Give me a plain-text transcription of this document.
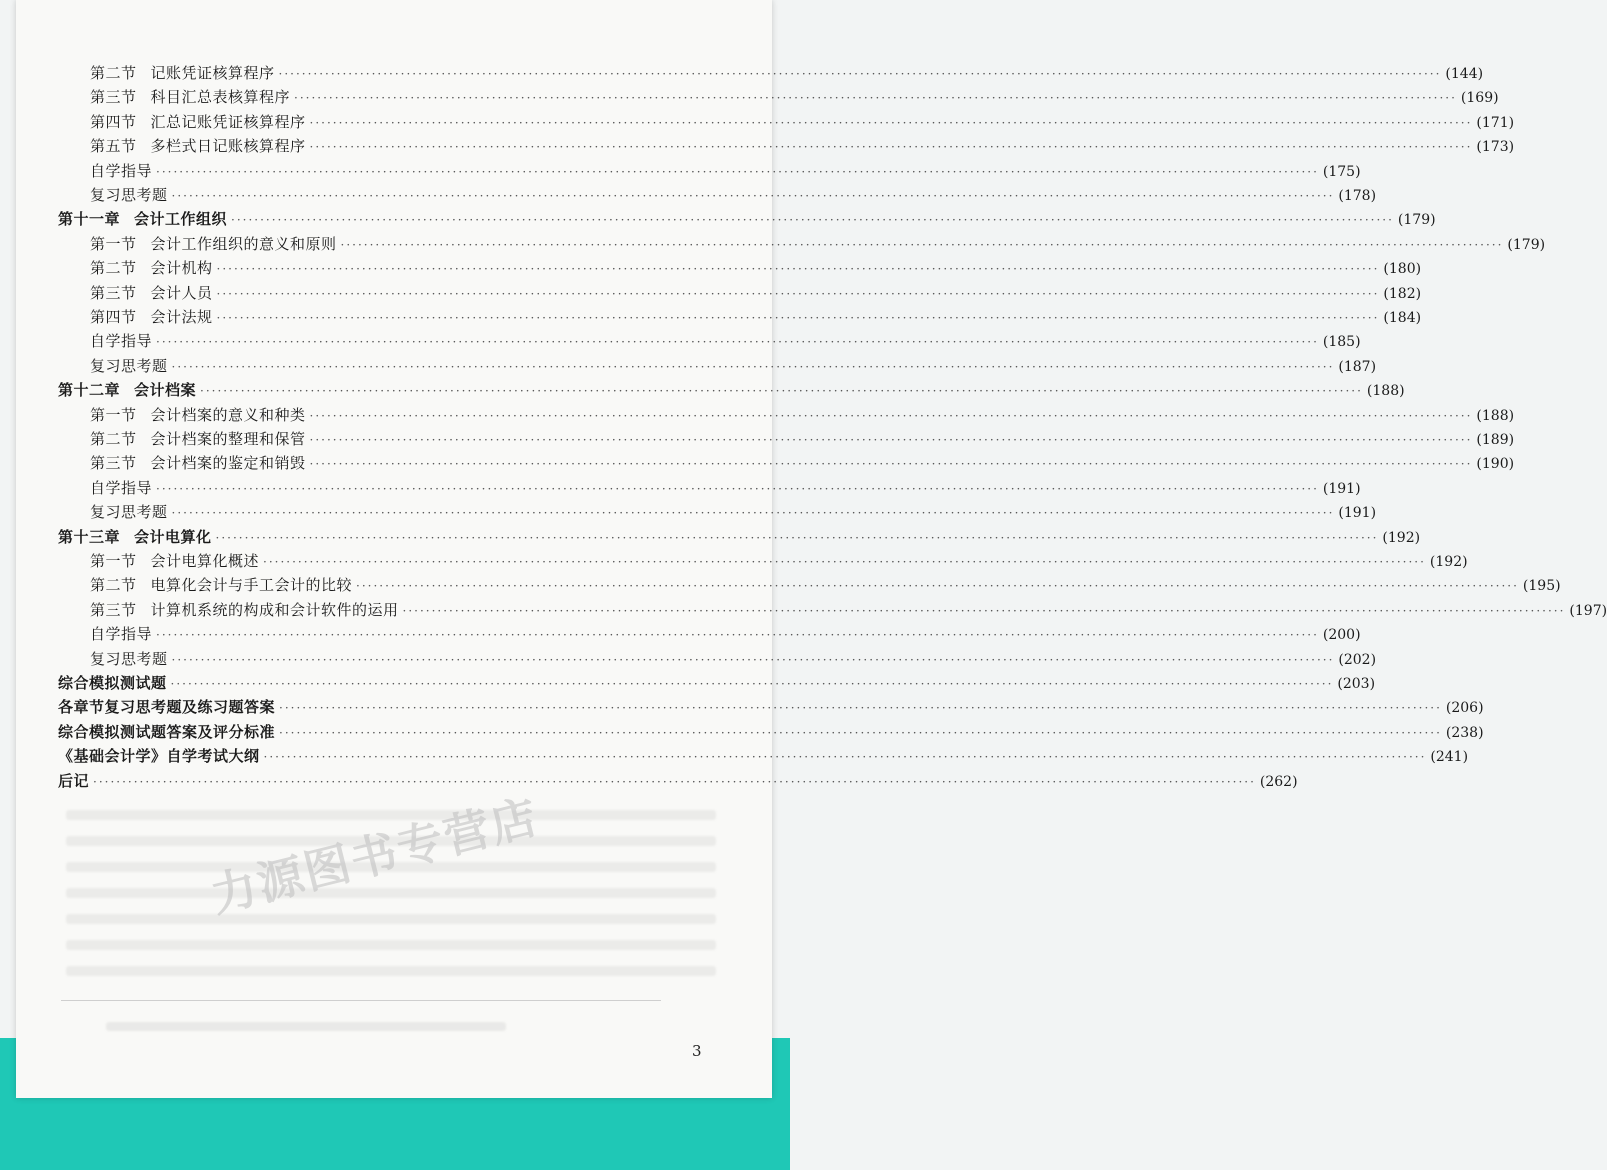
第二节 记账凭证核算程序 ········································································································································································································ (144)
第三节 科目汇总表核算程序 ········································································································································································································ (169)
第四节 汇总记账凭证核算程序 ········································································································································································································ (171)
第五节 多栏式日记账核算程序 ········································································································································································································ (173)
自学指导 ········································································································································································································ (175)
复习思考题 ········································································································································································································ (178)
第十一章 会计工作组织 ········································································································································································································ (179)
第一节 会计工作组织的意义和原则 ········································································································································································································ (179)
第二节 会计机构 ········································································································································································································ (180)
第三节 会计人员 ········································································································································································································ (182)
第四节 会计法规 ········································································································································································································ (184)
自学指导 ········································································································································································································ (185)
复习思考题 ········································································································································································································ (187)
第十二章 会计档案 ········································································································································································································ (188)
第一节 会计档案的意义和种类 ········································································································································································································ (188)
第二节 会计档案的整理和保管 ········································································································································································································ (189)
第三节 会计档案的鉴定和销毁 ········································································································································································································ (190)
自学指导 ········································································································································································································ (191)
复习思考题 ········································································································································································································ (191)
第十三章 会计电算化 ········································································································································································································ (192)
第一节 会计电算化概述 ········································································································································································································ (192)
第二节 电算化会计与手工会计的比较 ········································································································································································································ (195)
第三节 计算机系统的构成和会计软件的运用 ········································································································································································································ (197)
自学指导 ········································································································································································································ (200)
复习思考题 ········································································································································································································ (202)
综合模拟测试题 ········································································································································································································ (203)
各章节复习思考题及练习题答案 ········································································································································································································ (206)
综合模拟测试题答案及评分标准 ········································································································································································································ (238)
《基础会计学》自学考试大纲 ········································································································································································································ (241)
后记 ········································································································································································································ (262)
力源图书专营店
3
